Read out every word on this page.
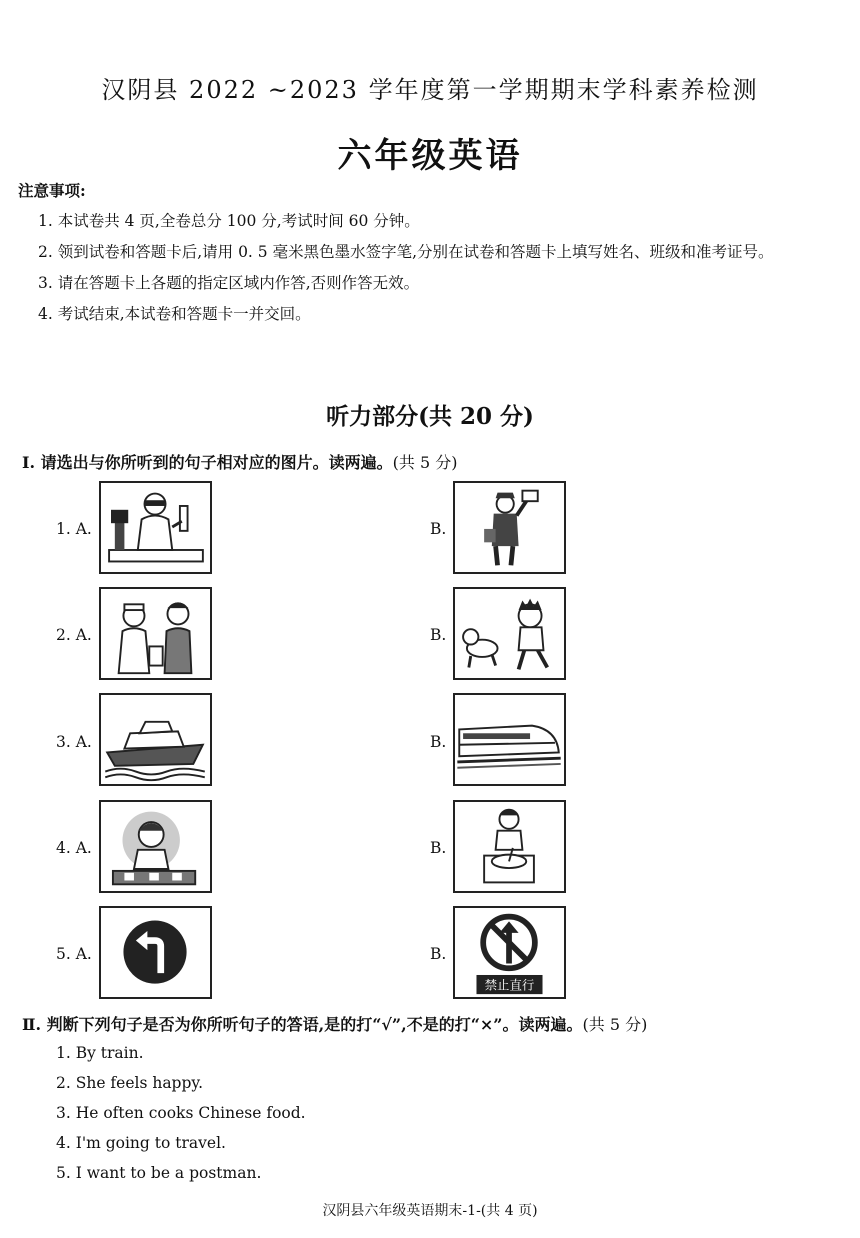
汉阴县 2022 ~2023 学年度第一学期期末学科素养检测
六年级英语
注意事项:
1. 本试卷共 4 页,全卷总分 100 分,考试时间 60 分钟。
2. 领到试卷和答题卡后,请用 0. 5 毫米黑色墨水签字笔,分别在试卷和答题卡上填写姓名、班级和准考证号。
3. 请在答题卡上各题的指定区域内作答,否则作答无效。
4. 考试结束,本试卷和答题卡一并交回。
听力部分(共 20 分)
Ⅰ. 请选出与你所听到的句子相对应的图片。读两遍。(共 5 分)
1. A.	B.
2. A.	B.
3. A.	B.
4. A.	B.
5. A.	B.
禁止直行
Ⅱ. 判断下列句子是否为你所听句子的答语,是的打“√”,不是的打“×”。读两遍。(共 5 分)
1. By train.
2. She feels happy.
3. He often cooks Chinese food.
4. I'm going to travel.
5. I want to be a postman.
汉阴县六年级英语期末-1-(共 4 页)
